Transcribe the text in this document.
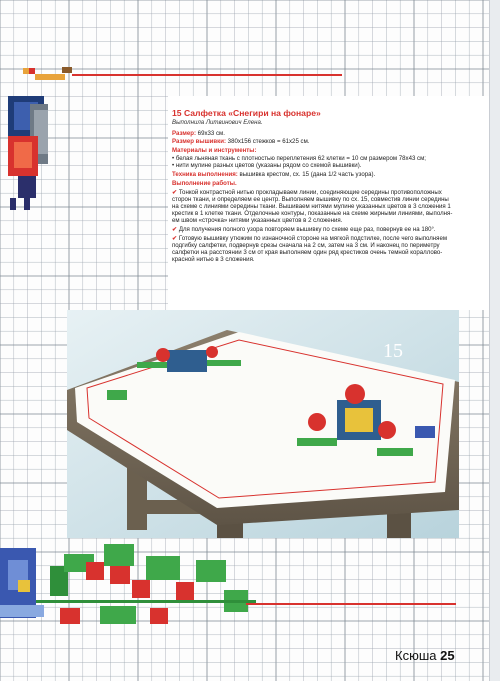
15 Салфетка «Снегири на фонаре»
Выполнила Литвинович Елена.
Размер: 69x33 см.
Размер вышивки: 380x156 стежков = 61x25 см.
Материалы и инструменты:
• белая льняная ткань с плотностью переплетения 62 клетки = 10 см размером 78x43 см;
• нити мулине разных цветов (указаны рядом со схемой вышивки).
Техника выполнения: вышивка крестом, сх. 15 (дана 1/2 часть узора).
Выполнение работы.
✔ Тонкой контрастной нитью прокладываем линии, соединяющие середины противоположных
сторон ткани, и определяем ее центр. Выполняем вышивку по сх. 15, совместив линии середины
на схеме с линиями середины ткани. Вышиваем нитями мулине указанных цветов в 3 сложения 1
крестик в 1 клетке ткани. Отделочные контуры, показанные на схеме жирными линиями, выполня-
ем швом «строчка» нитями указанных цветов в 2 сложения.
✔ Для получения полного узора повторяем вышивку по схеме еще раз, повернув ее на 180°.
✔ Готовую вышивку утюжим по изнаночной стороне на мягкой подстилке, после чего выполняем
подгибку салфетки, подвернув срезы сначала на 2 см, затем на 3 см. И наконец по периметру
салфетки на расстоянии 3 см от края выполняем один ряд крестиков очень темной кораллово-
красной нитью в 3 сложения.
15
Ксюша 25
